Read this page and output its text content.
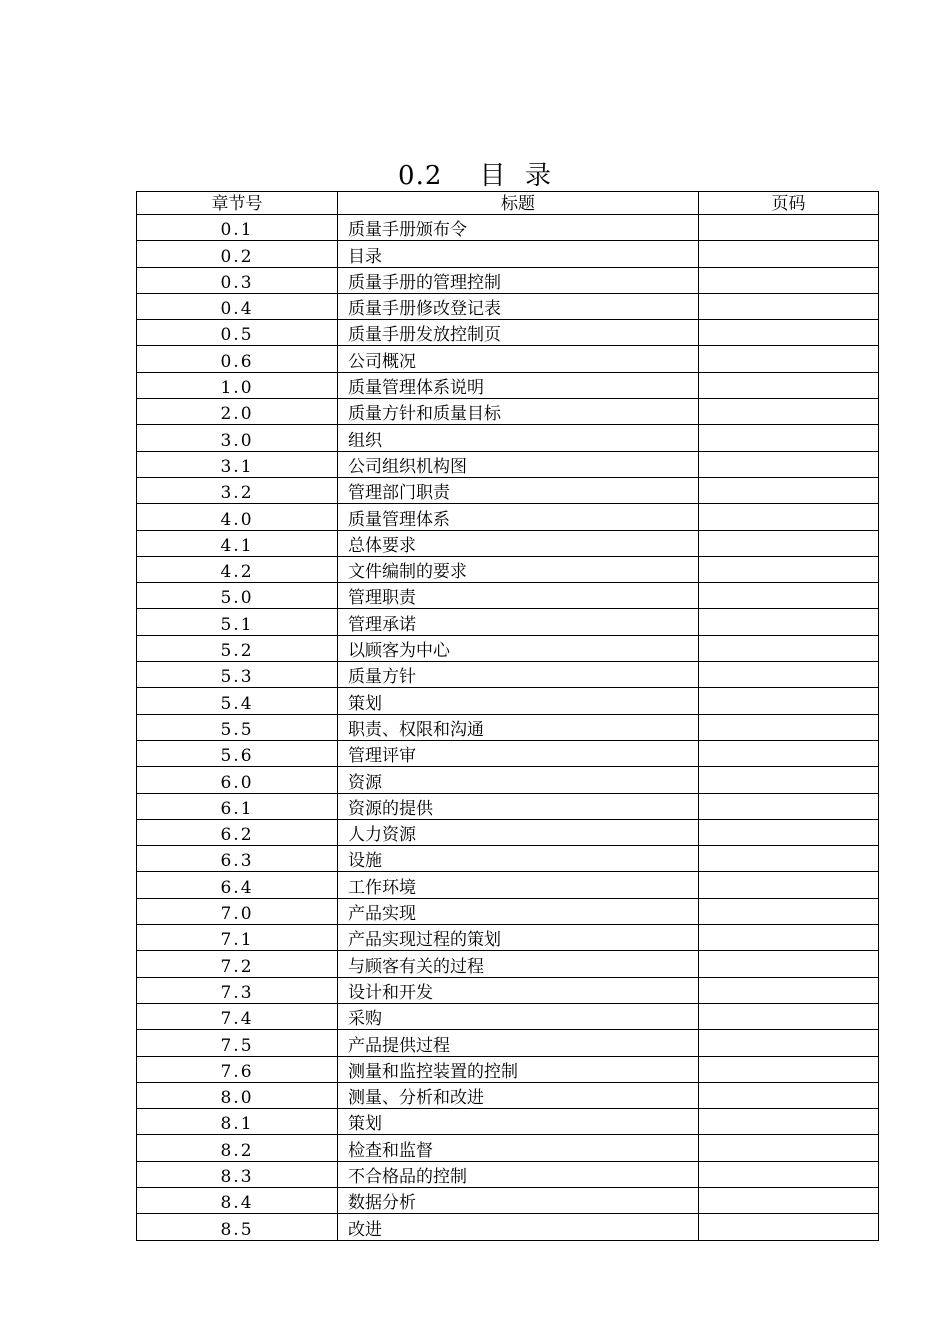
0.2    目  录
章节号	标题	页码
0.1	质量手册颁布令	
0.2	目录	
0.3	质量手册的管理控制	
0.4	质量手册修改登记表	
0.5	质量手册发放控制页	
0.6	公司概况	
1.0	质量管理体系说明	
2.0	质量方针和质量目标	
3.0	组织	
3.1	公司组织机构图	
3.2	管理部门职责	
4.0	质量管理体系	
4.1	总体要求	
4.2	文件编制的要求	
5.0	管理职责	
5.1	管理承诺	
5.2	以顾客为中心	
5.3	质量方针	
5.4	策划	
5.5	职责、权限和沟通	
5.6	管理评审	
6.0	资源	
6.1	资源的提供	
6.2	人力资源	
6.3	设施	
6.4	工作环境	
7.0	产品实现	
7.1	产品实现过程的策划	
7.2	与顾客有关的过程	
7.3	设计和开发	
7.4	采购	
7.5	产品提供过程	
7.6	测量和监控装置的控制	
8.0	测量、分析和改进	
8.1	策划	
8.2	检查和监督	
8.3	不合格品的控制	
8.4	数据分析	
8.5	改进	
